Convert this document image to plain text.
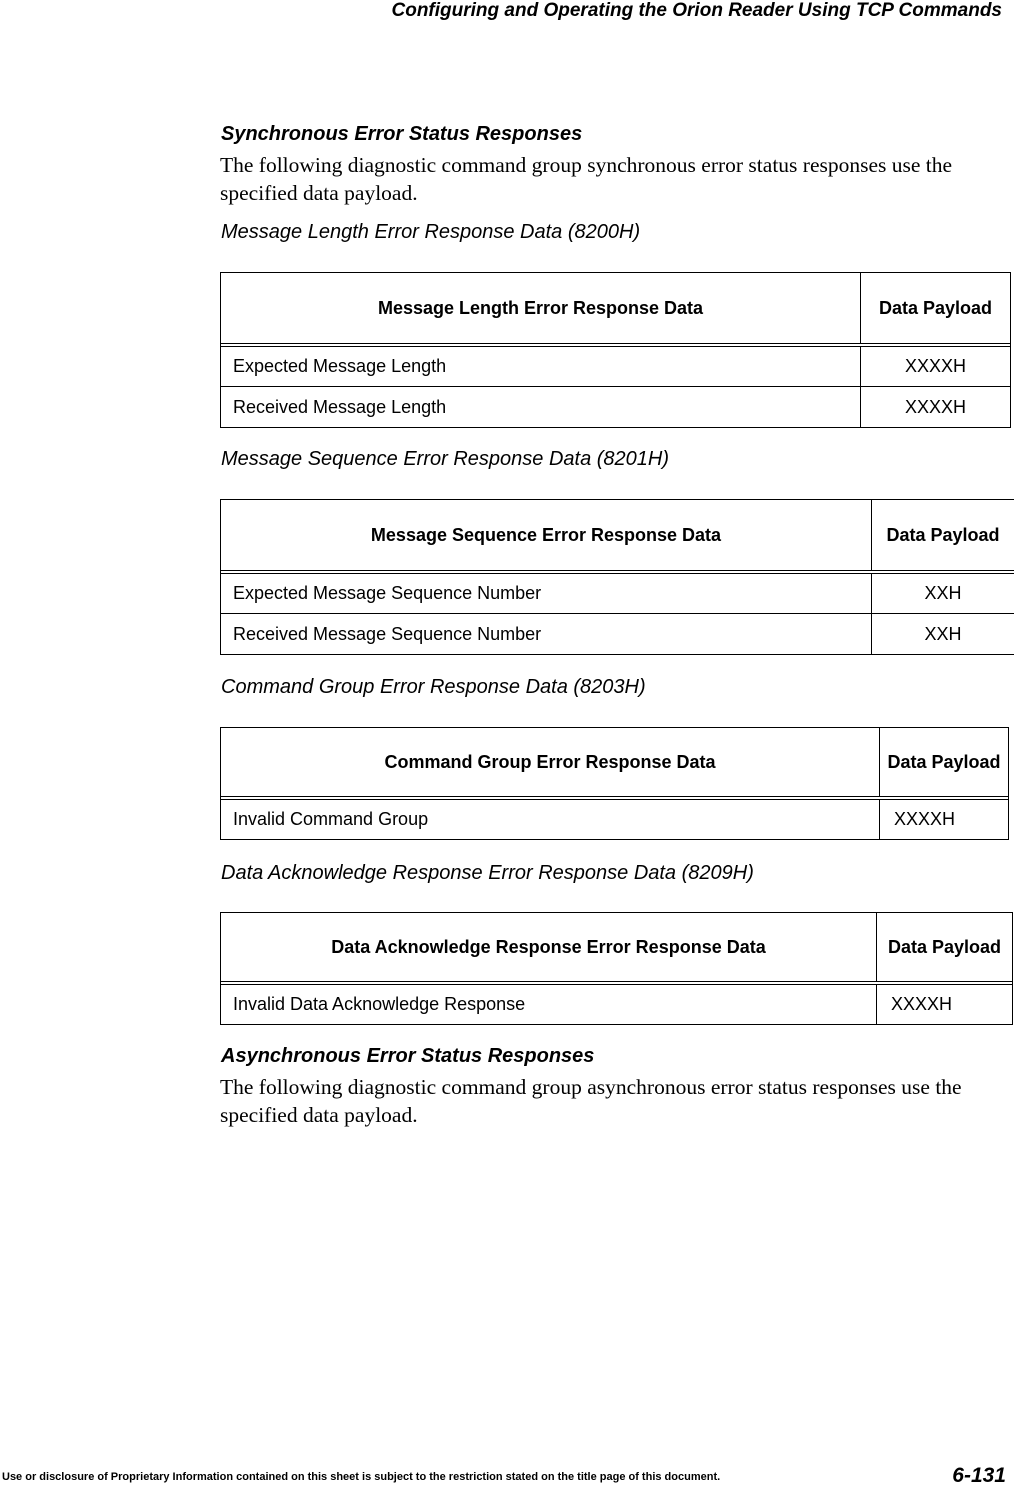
Configuring and Operating the Orion Reader Using TCP Commands
Synchronous Error Status Responses
The following diagnostic command group synchronous error status responses use the specified data payload.
Message Length Error Response Data (8200H)
Message Length Error Response Data	Data Payload
Expected Message Length	XXXXH
Received Message Length	XXXXH
Message Sequence Error Response Data (8201H)
Message Sequence Error Response Data	Data Payload
Expected Message Sequence Number	XXH
Received Message Sequence Number	XXH
Command Group Error Response Data (8203H)
Command Group Error Response Data	Data Payload
Invalid Command Group	XXXXH
Data Acknowledge Response Error Response Data (8209H)
Data Acknowledge Response Error Response Data	Data Payload
Invalid Data Acknowledge Response	XXXXH
Asynchronous Error Status Responses
The following diagnostic command group asynchronous error status responses use the specified data payload.
Use or disclosure of Proprietary Information contained on this sheet is subject to the restriction stated on the title page of this document.	6-131
